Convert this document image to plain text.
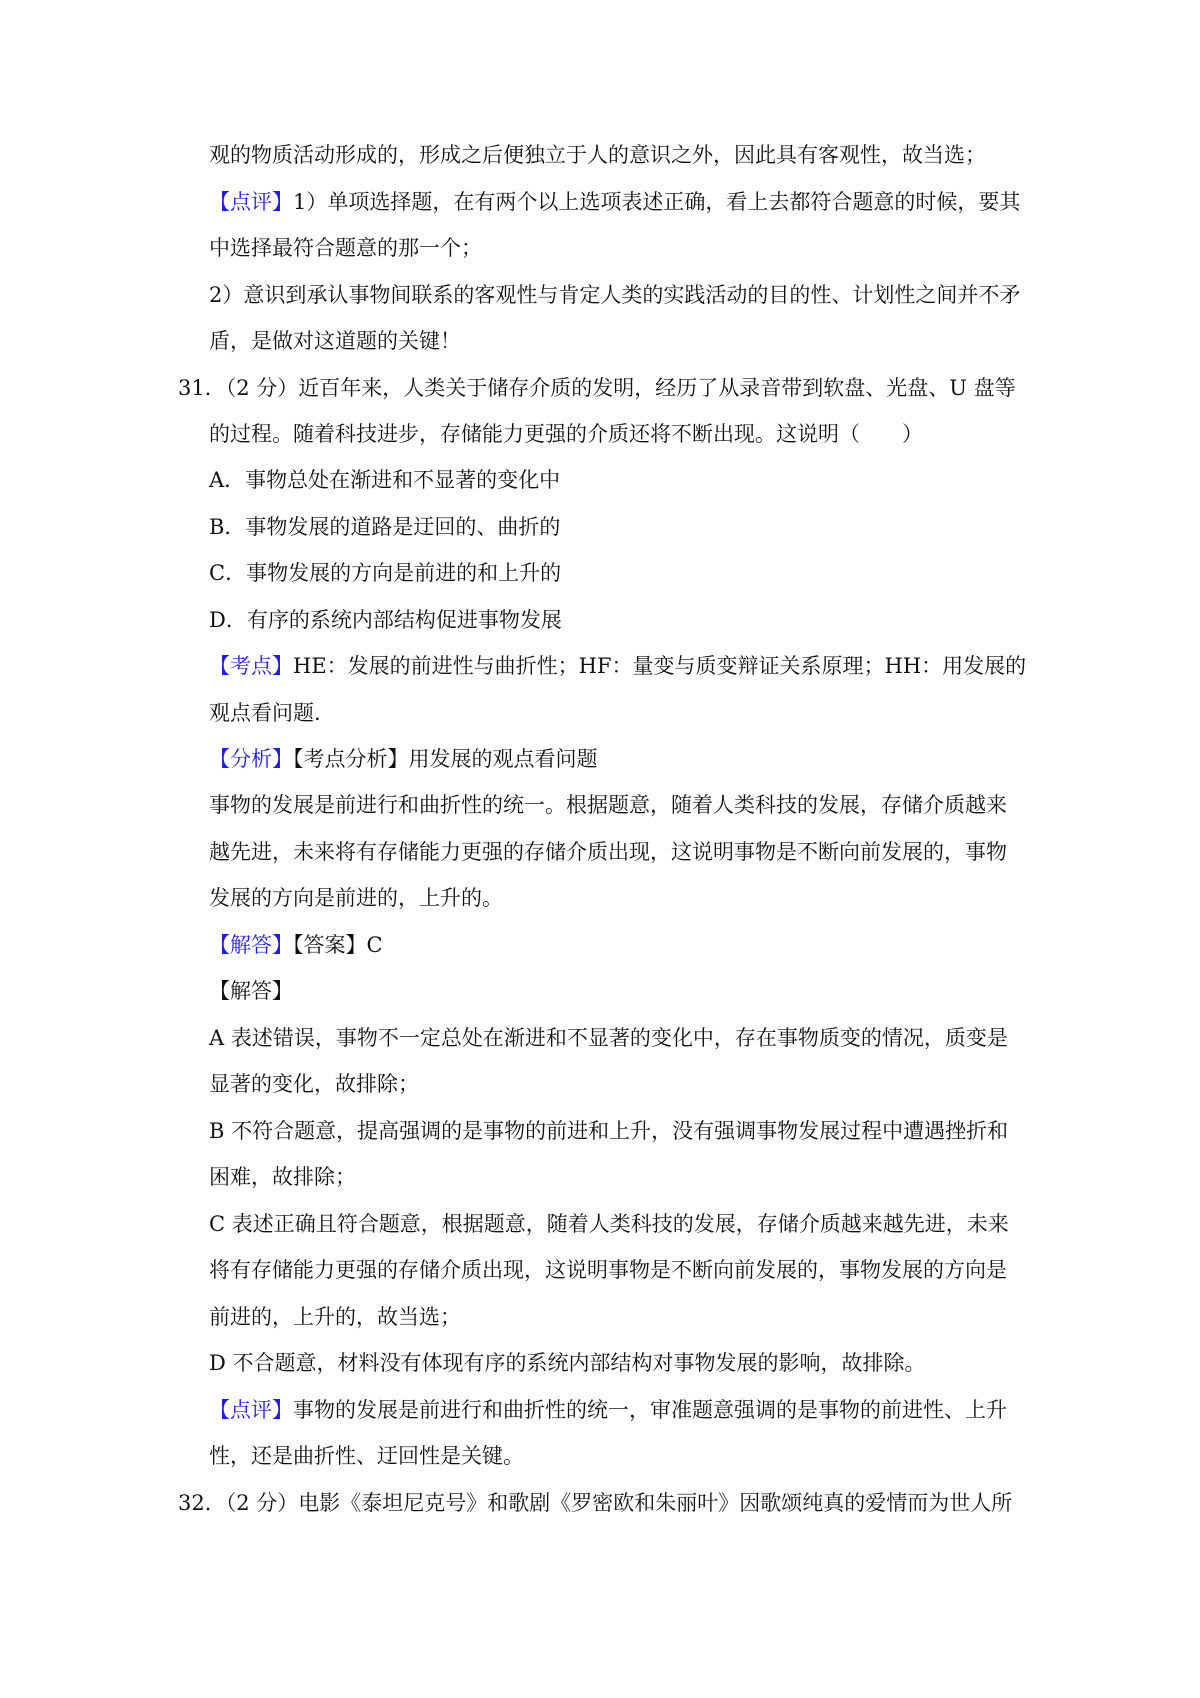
观的物质活动形成的，形成之后便独立于人的意识之外，因此具有客观性，故当选；
【点评】1）单项选择题，在有两个以上选项表述正确，看上去都符合题意的时候，要其
中选择最符合题意的那一个；
2）意识到承认事物间联系的客观性与肯定人类的实践活动的目的性、计划性之间并不矛
盾，是做对这道题的关键！
31．（2 分）近百年来，人类关于储存介质的发明，经历了从录音带到软盘、光盘、U 盘等
的过程。随着科技进步，存储能力更强的介质还将不断出现。这说明（　　）
A．事物总处在渐进和不显著的变化中
B．事物发展的道路是迂回的、曲折的
C．事物发展的方向是前进的和上升的
D．有序的系统内部结构促进事物发展
【考点】HE：发展的前进性与曲折性；HF：量变与质变辩证关系原理；HH：用发展的
观点看问题.
【分析】【考点分析】用发展的观点看问题
事物的发展是前进行和曲折性的统一。根据题意，随着人类科技的发展，存储介质越来
越先进，未来将有存储能力更强的存储介质出现，这说明事物是不断向前发展的，事物
发展的方向是前进的，上升的。
【解答】【答案】C
【解答】
A 表述错误，事物不一定总处在渐进和不显著的变化中，存在事物质变的情况，质变是
显著的变化，故排除；
B 不符合题意，提高强调的是事物的前进和上升，没有强调事物发展过程中遭遇挫折和
困难，故排除；
C 表述正确且符合题意，根据题意，随着人类科技的发展，存储介质越来越先进，未来
将有存储能力更强的存储介质出现，这说明事物是不断向前发展的，事物发展的方向是
前进的，上升的，故当选；
D 不合题意，材料没有体现有序的系统内部结构对事物发展的影响，故排除。
【点评】事物的发展是前进行和曲折性的统一，审准题意强调的是事物的前进性、上升
性，还是曲折性、迂回性是关键。
32．（2 分）电影《泰坦尼克号》和歌剧《罗密欧和朱丽叶》因歌颂纯真的爱情而为世人所
